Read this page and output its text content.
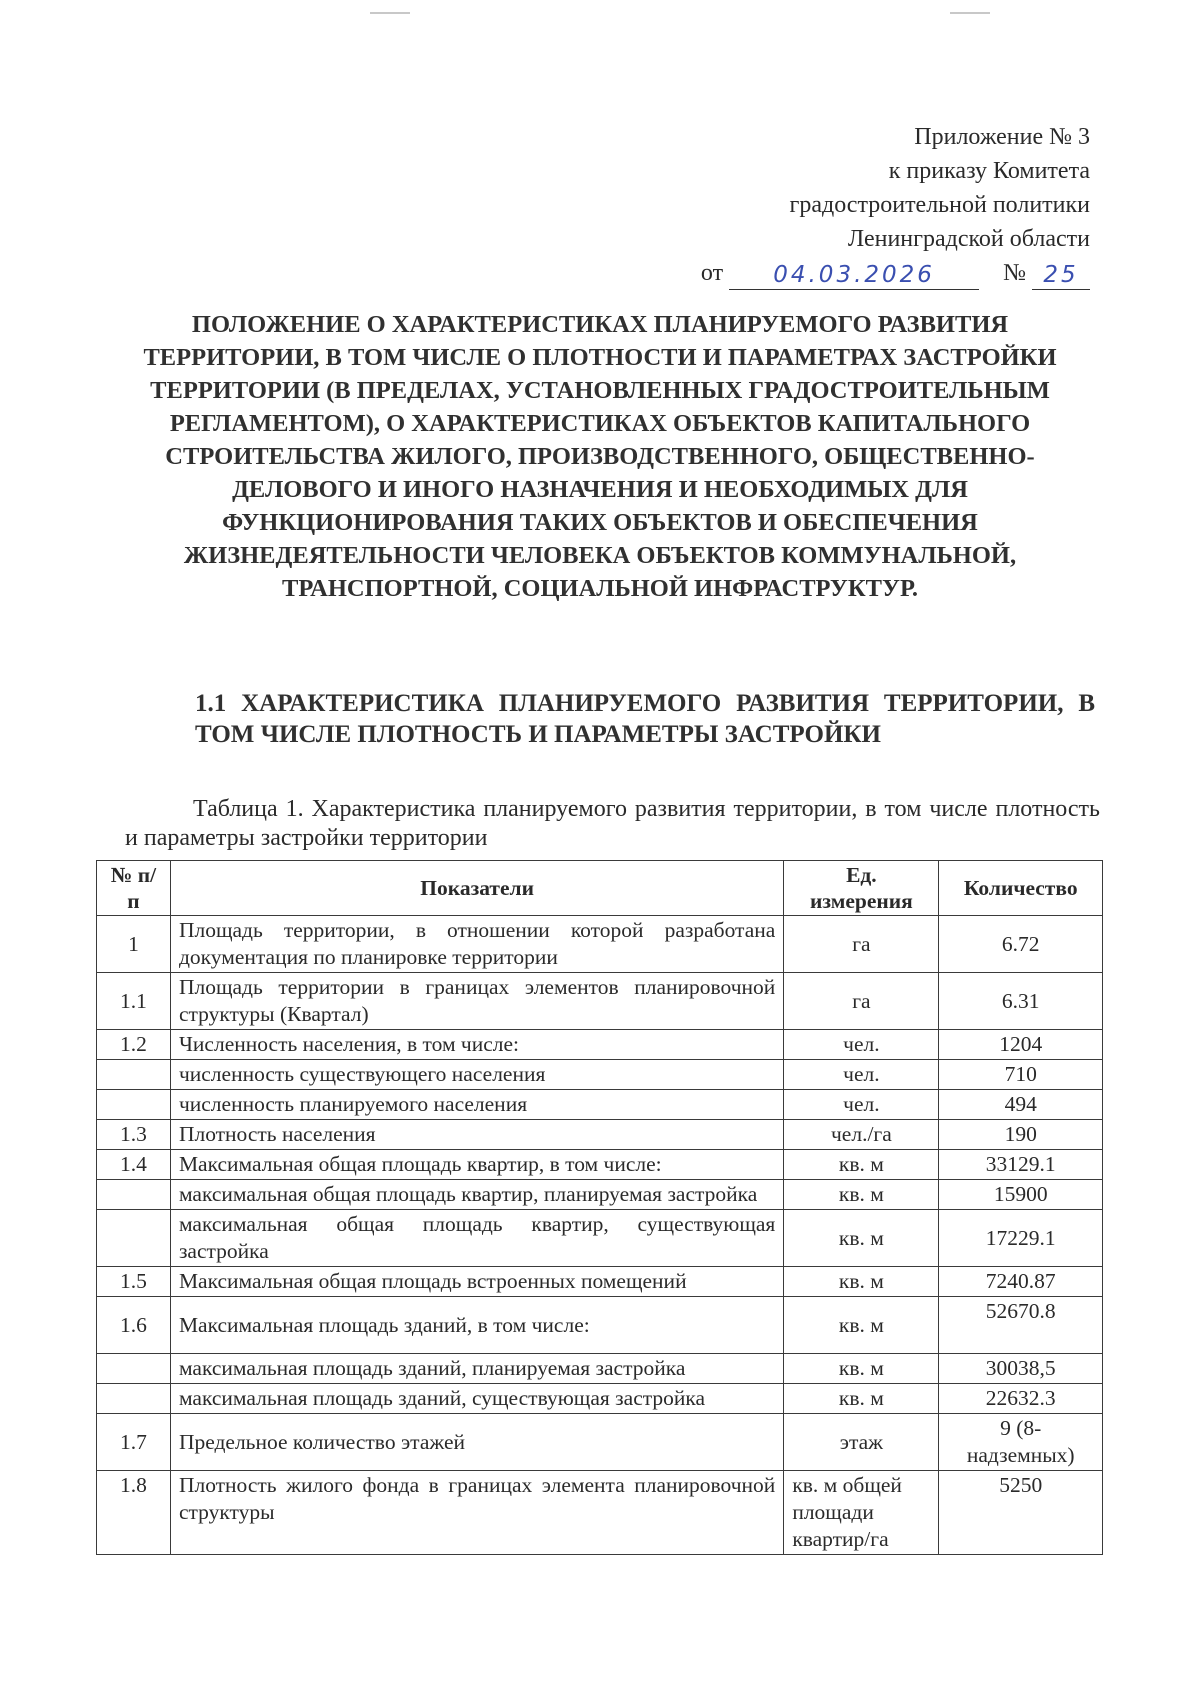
Приложение № 3
к приказу Комитета
градостроительной политики
Ленинградской области
от	04.03.2026	№ 25
ПОЛОЖЕНИЕ О ХАРАКТЕРИСТИКАХ ПЛАНИРУЕМОГО РАЗВИТИЯ ТЕРРИТОРИИ, В ТОМ ЧИСЛЕ О ПЛОТНОСТИ И ПАРАМЕТРАХ ЗАСТРОЙКИ ТЕРРИТОРИИ (В ПРЕДЕЛАХ, УСТАНОВЛЕННЫХ ГРАДОСТРОИТЕЛЬНЫМ РЕГЛАМЕНТОМ), О ХАРАКТЕРИСТИКАХ ОБЪЕКТОВ КАПИТАЛЬНОГО СТРОИТЕЛЬСТВА ЖИЛОГО, ПРОИЗВОДСТВЕННОГО, ОБЩЕСТВЕННО-ДЕЛОВОГО И ИНОГО НАЗНАЧЕНИЯ И НЕОБХОДИМЫХ ДЛЯ ФУНКЦИОНИРОВАНИЯ ТАКИХ ОБЪЕКТОВ И ОБЕСПЕЧЕНИЯ ЖИЗНЕДЕЯТЕЛЬНОСТИ ЧЕЛОВЕКА ОБЪЕКТОВ КОММУНАЛЬНОЙ, ТРАНСПОРТНОЙ, СОЦИАЛЬНОЙ ИНФРАСТРУКТУР.
1.1 ХАРАКТЕРИСТИКА ПЛАНИРУЕМОГО РАЗВИТИЯ ТЕРРИТОРИИ, В ТОМ ЧИСЛЕ ПЛОТНОСТЬ И ПАРАМЕТРЫ ЗАСТРОЙКИ
Таблица 1. Характеристика планируемого развития территории, в том числе плотность и параметры застройки территории
№ п/п	Показатели	Ед. измерения	Количество
1	Площадь территории, в отношении которой разработана документация по планировке территории	га	6.72
1.1	Площадь территории в границах элементов планировочной структуры (Квартал)	га	6.31
1.2	Численность населения, в том числе:	чел.	1204
	численность существующего населения	чел.	710
	численность планируемого населения	чел.	494
1.3	Плотность населения	чел./га	190
1.4	Максимальная общая площадь квартир, в том числе:	кв. м	33129.1
	максимальная общая площадь квартир, планируемая застройка	кв. м	15900
	максимальная общая площадь квартир, существующая застройка	кв. м	17229.1
1.5	Максимальная общая площадь встроенных помещений	кв. м	7240.87
1.6	Максимальная площадь зданий, в том числе:	кв. м	52670.8
	максимальная площадь зданий, планируемая застройка	кв. м	30038,5
	максимальная площадь зданий, существующая застройка	кв. м	22632.3
1.7	Предельное количество этажей	этаж	9 (8-надземных)
1.8	Плотность жилого фонда в границах элемента планировочной структуры	кв. м общей площади квартир/га	5250
